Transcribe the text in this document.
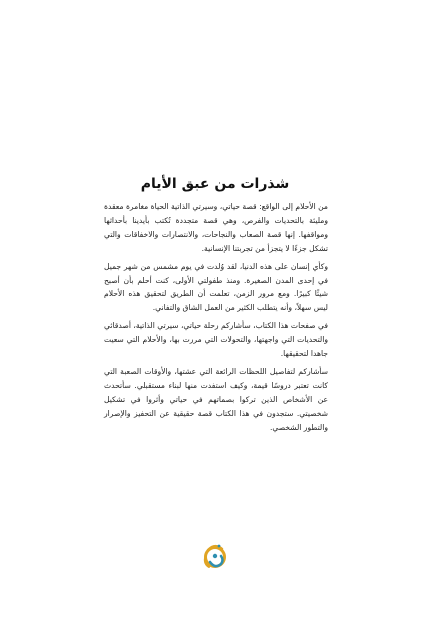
شذرات من عبق الأيام

من الأحلام إلى الواقع: قصة حياتي، وسيرتي الذاتية الحياة مغامرة معقدة ومليئة بالتحديات والفرص، وهي قصة متجددة تُكتب بأيدينا بأحداثها ومواقفها. إنها قصة الصعاب والنجاحات، والانتصارات والاخفاقات والتي تشكل جزءًا لا يتجزأ من تجربتنا الإنسانية.

وكأي إنسان على هذه الدنيا، لقد وُلدت في يوم مشمس من شهر جميل في إحدى المدن الصغيرة. ومنذ طفولتي الأولى، كنت أحلم بأن أصبح شيئًا كبيرًا. ومع مرور الزمن، تعلمت أن الطريق لتحقيق هذه الأحلام ليس سهلاً، وأنه يتطلب الكثير من العمل الشاق والتفاني.

في صفحات هذا الكتاب، سأشاركم رحلة حياتي، سيرتي الذاتية، أصدقائي والتحديات التي واجهتها، والتحولات التي مررت بها، والأحلام التي سعيت جاهدا لتحقيقها.

سأشاركم لتفاصيل اللحظات الرائعة التي عشتها، والأوقات الصعبة التي كانت تعتبر دروسًا قيمة، وكيف استفدت منها لبناء مستقبلي. سأتحدث عن الأشخاص الذين تركوا بصماتهم في حياتي وأثروا في تشكيل شخصيتي. ستجدون في هذا الكتاب قصة حقيقية عن التحفيز والإصرار والتطور الشخصي.
